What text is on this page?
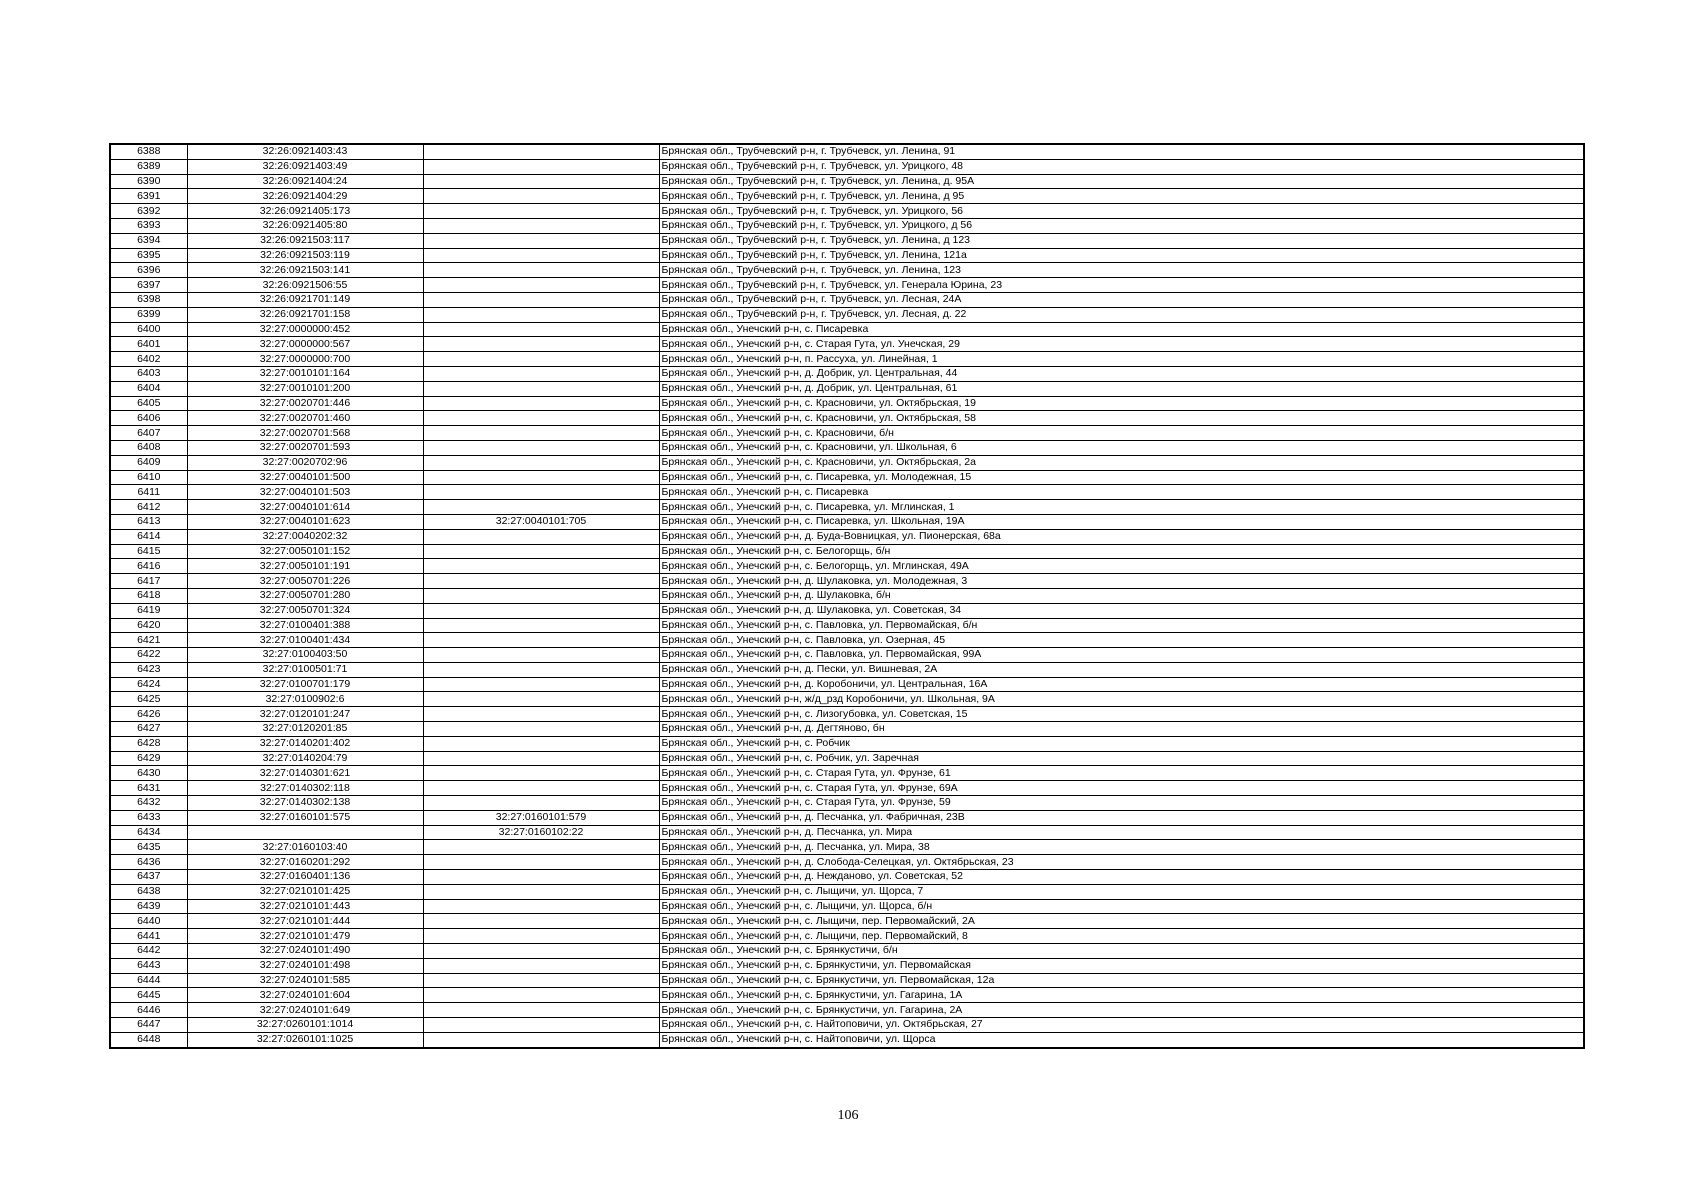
6388	32:26:0921403:43		Брянская обл., Трубчевский р-н, г. Трубчевск, ул. Ленина, 91
6389	32:26:0921403:49		Брянская обл., Трубчевский р-н, г. Трубчевск, ул. Урицкого, 48
6390	32:26:0921404:24		Брянская обл., Трубчевский р-н, г. Трубчевск, ул. Ленина, д. 95А
6391	32:26:0921404:29		Брянская обл., Трубчевский р-н, г. Трубчевск, ул. Ленина, д 95
6392	32:26:0921405:173		Брянская обл., Трубчевский р-н, г. Трубчевск, ул. Урицкого, 56
6393	32:26:0921405:80		Брянская обл., Трубчевский р-н, г. Трубчевск, ул. Урицкого, д 56
6394	32:26:0921503:117		Брянская обл., Трубчевский р-н, г. Трубчевск, ул. Ленина, д 123
6395	32:26:0921503:119		Брянская обл., Трубчевский р-н, г. Трубчевск, ул. Ленина, 121а
6396	32:26:0921503:141		Брянская обл., Трубчевский р-н, г. Трубчевск, ул. Ленина, 123
6397	32:26:0921506:55		Брянская обл., Трубчевский р-н, г. Трубчевск, ул. Генерала Юрина, 23
6398	32:26:0921701:149		Брянская обл., Трубчевский р-н, г. Трубчевск, ул. Лесная, 24А
6399	32:26:0921701:158		Брянская обл., Трубчевский р-н, г. Трубчевск, ул. Лесная, д. 22
6400	32:27:0000000:452		Брянская обл., Унечский р-н, с. Писаревка
6401	32:27:0000000:567		Брянская обл., Унечский р-н, с. Старая Гута, ул. Унечская, 29
6402	32:27:0000000:700		Брянская обл., Унечский р-н, п. Рассуха, ул. Линейная, 1
6403	32:27:0010101:164		Брянская обл., Унечский р-н, д. Добрик, ул. Центральная, 44
6404	32:27:0010101:200		Брянская обл., Унечский р-н, д. Добрик, ул. Центральная, 61
6405	32:27:0020701:446		Брянская обл., Унечский р-н, с. Красновичи, ул. Октябрьская, 19
6406	32:27:0020701:460		Брянская обл., Унечский р-н, с. Красновичи, ул. Октябрьская, 58
6407	32:27:0020701:568		Брянская обл., Унечский р-н, с. Красновичи, б/н
6408	32:27:0020701:593		Брянская обл., Унечский р-н, с. Красновичи, ул. Школьная, 6
6409	32:27:0020702:96		Брянская обл., Унечский р-н, с. Красновичи, ул. Октябрьская, 2а
6410	32:27:0040101:500		Брянская обл., Унечский р-н, с. Писаревка, ул. Молодежная, 15
6411	32:27:0040101:503		Брянская обл., Унечский р-н, с. Писаревка
6412	32:27:0040101:614		Брянская обл., Унечский р-н, с. Писаревка, ул. Мглинская, 1
6413	32:27:0040101:623	32:27:0040101:705	Брянская обл., Унечский р-н, с. Писаревка, ул. Школьная, 19А
6414	32:27:0040202:32		Брянская обл., Унечский р-н, д. Буда-Вовницкая, ул. Пионерская, 68а
6415	32:27:0050101:152		Брянская обл., Унечский р-н, с. Белогорщь, б/н
6416	32:27:0050101:191		Брянская обл., Унечский р-н, с. Белогорщь, ул. Мглинская, 49А
6417	32:27:0050701:226		Брянская обл., Унечский р-н, д. Шулаковка, ул. Молодежная, 3
6418	32:27:0050701:280		Брянская обл., Унечский р-н, д. Шулаковка, б/н
6419	32:27:0050701:324		Брянская обл., Унечский р-н, д. Шулаковка, ул. Советская, 34
6420	32:27:0100401:388		Брянская обл., Унечский р-н, с. Павловка, ул. Первомайская, б/н
6421	32:27:0100401:434		Брянская обл., Унечский р-н, с. Павловка, ул. Озерная, 45
6422	32:27:0100403:50		Брянская обл., Унечский р-н, с. Павловка, ул. Первомайская, 99А
6423	32:27:0100501:71		Брянская обл., Унечский р-н, д. Пески, ул. Вишневая, 2А
6424	32:27:0100701:179		Брянская обл., Унечский р-н, д. Коробоничи, ул. Центральная, 16А
6425	32:27:0100902:6		Брянская обл., Унечский р-н, ж/д_рзд Коробоничи, ул. Школьная, 9А
6426	32:27:0120101:247		Брянская обл., Унечский р-н, с. Лизогубовка, ул. Советская, 15
6427	32:27:0120201:85		Брянская обл., Унечский р-н, д. Дегтяново, бн
6428	32:27:0140201:402		Брянская обл., Унечский р-н, с. Робчик
6429	32:27:0140204:79		Брянская обл., Унечский р-н, с. Робчик, ул. Заречная
6430	32:27:0140301:621		Брянская обл., Унечский р-н, с. Старая Гута, ул. Фрунзе, 61
6431	32:27:0140302:118		Брянская обл., Унечский р-н, с. Старая Гута, ул. Фрунзе, 69А
6432	32:27:0140302:138		Брянская обл., Унечский р-н, с. Старая Гута, ул. Фрунзе, 59
6433	32:27:0160101:575	32:27:0160101:579	Брянская обл., Унечский р-н, д. Песчанка, ул. Фабричная, 23В
6434		32:27:0160102:22	Брянская обл., Унечский р-н, д. Песчанка, ул. Мира
6435	32:27:0160103:40		Брянская обл., Унечский р-н, д. Песчанка, ул. Мира, 38
6436	32:27:0160201:292		Брянская обл., Унечский р-н, д. Слобода-Селецкая, ул. Октябрьская, 23
6437	32:27:0160401:136		Брянская обл., Унечский р-н, д. Нежданово, ул. Советская, 52
6438	32:27:0210101:425		Брянская обл., Унечский р-н, с. Лыщичи, ул. Щорса, 7
6439	32:27:0210101:443		Брянская обл., Унечский р-н, с. Лыщичи, ул. Щорса, б/н
6440	32:27:0210101:444		Брянская обл., Унечский р-н, с. Лыщичи, пер. Первомайский, 2А
6441	32:27:0210101:479		Брянская обл., Унечский р-н, с. Лыщичи, пер. Первомайский, 8
6442	32:27:0240101:490		Брянская обл., Унечский р-н, с. Брянкустичи, б/н
6443	32:27:0240101:498		Брянская обл., Унечский р-н, с. Брянкустичи, ул. Первомайская
6444	32:27:0240101:585		Брянская обл., Унечский р-н, с. Брянкустичи, ул. Первомайская, 12а
6445	32:27:0240101:604		Брянская обл., Унечский р-н, с. Брянкустичи, ул. Гагарина, 1А
6446	32:27:0240101:649		Брянская обл., Унечский р-н, с. Брянкустичи, ул. Гагарина, 2А
6447	32:27:0260101:1014		Брянская обл., Унечский р-н, с. Найтоповичи, ул. Октябрьская, 27
6448	32:27:0260101:1025		Брянская обл., Унечский р-н, с. Найтоповичи, ул. Щорса
106
